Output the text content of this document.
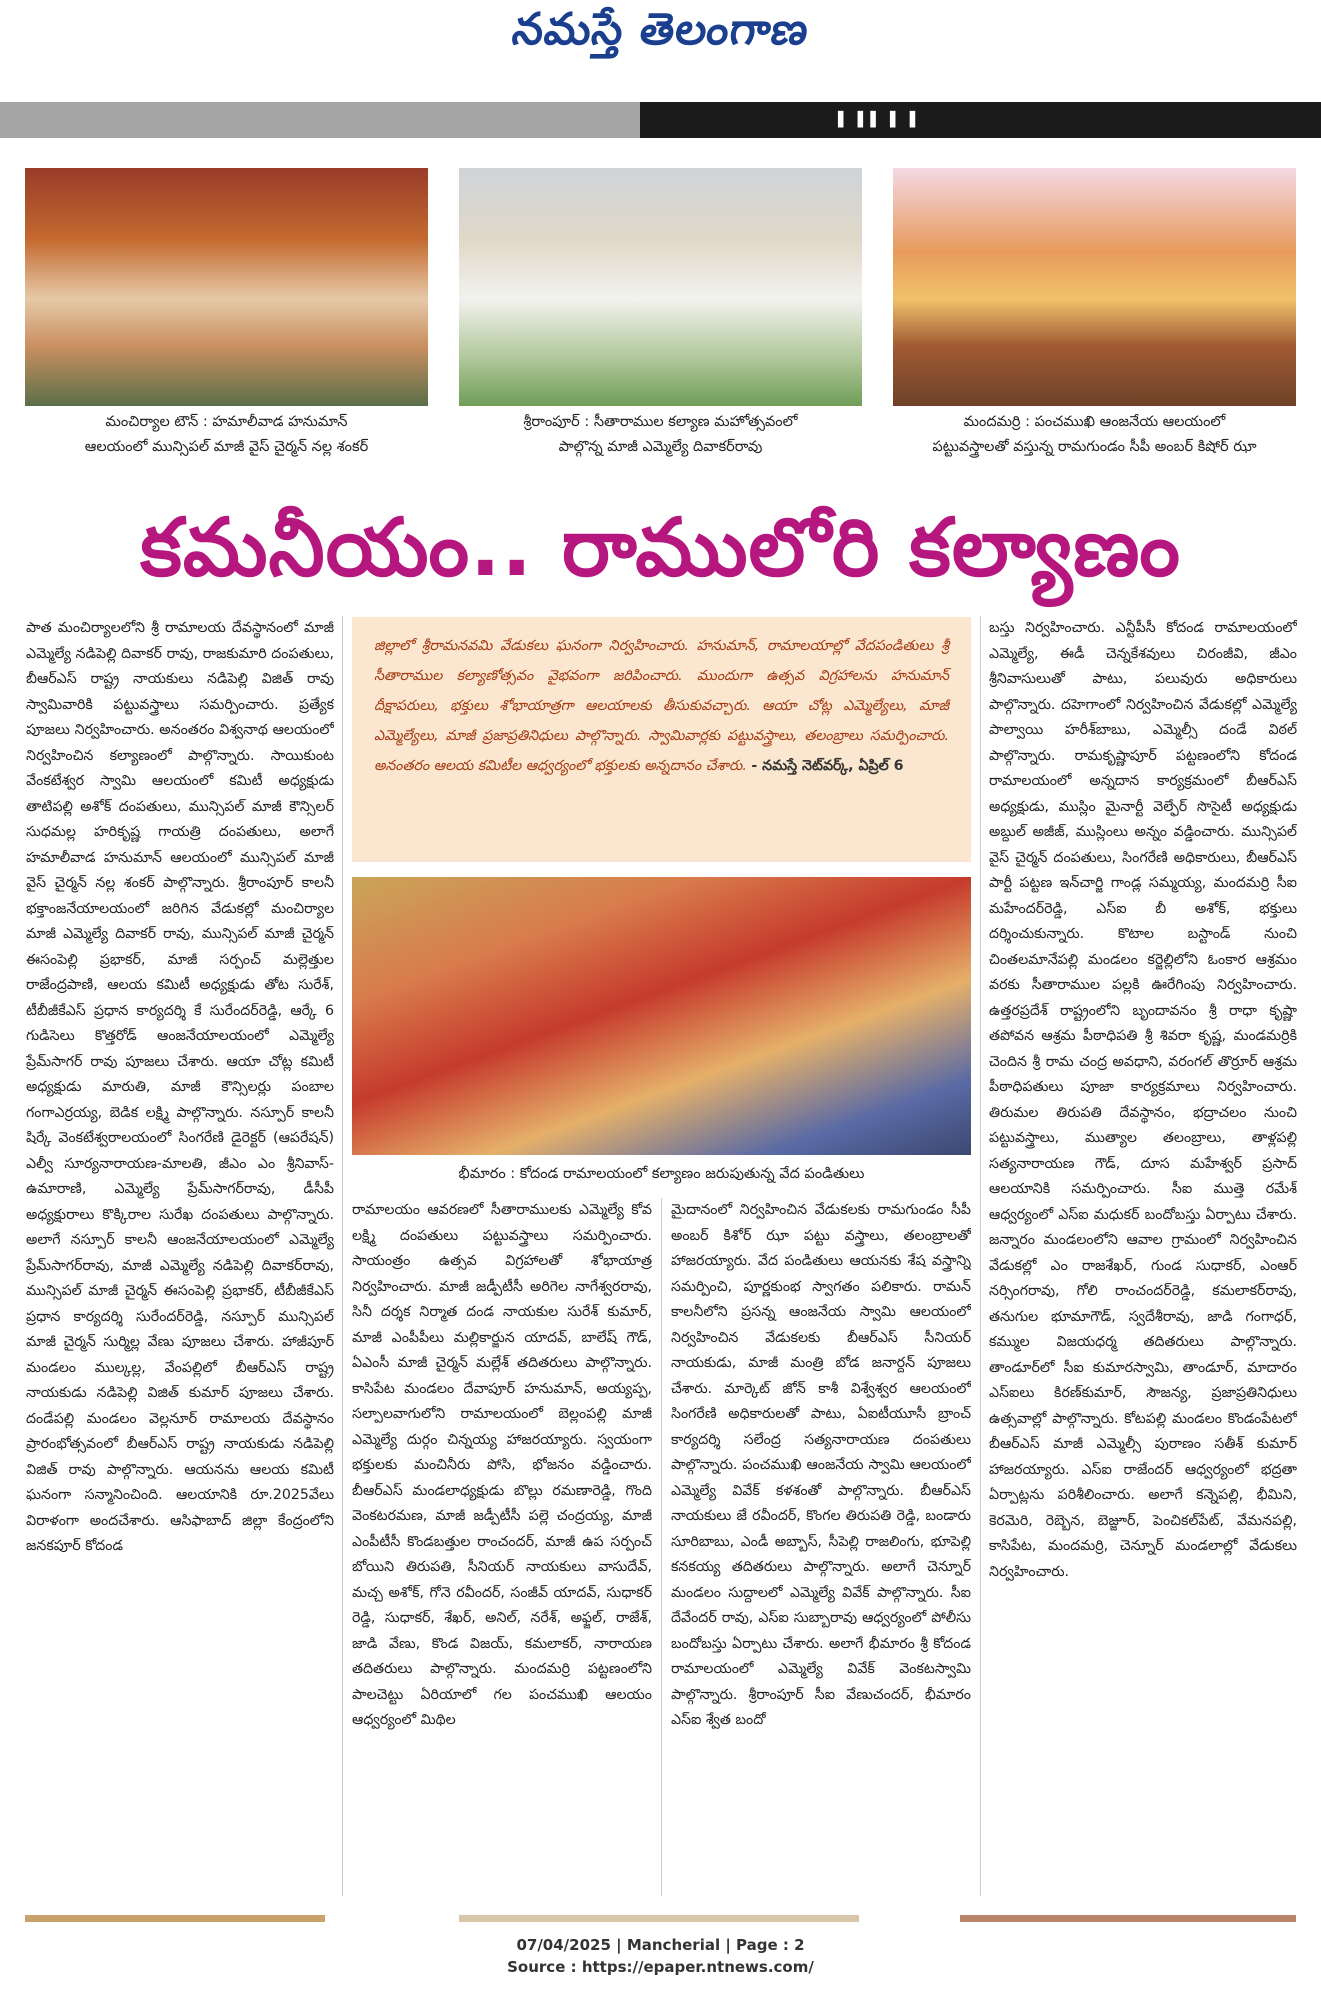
నమస్తే తెలంగాణ
▌ ▌▌ ▌ ▌
మంచిర్యాల టౌన్ : హమాలీవాడ హనుమాన్
ఆలయంలో మున్సిపల్ మాజీ వైస్ చైర్మన్ నల్ల శంకర్
శ్రీరాంపూర్ : సీతారాముల కల్యాణ మహోత్సవంలో
పాల్గొన్న మాజీ ఎమ్మెల్యే దివాకర్‌రావు
మందమర్రి : పంచముఖి ఆంజనేయ ఆలయంలో
పట్టువస్త్రాలతో వస్తున్న రామగుండం సీపీ అంబర్ కిషోర్ ఝా
కమనీయం.. రాములోరి కల్యాణం
పాత మంచిర్యాలలోని శ్రీ రామాలయ దేవస్థానంలో మాజీ ఎమ్మెల్యే నడిపెల్లి దివాకర్ రావు, రాజకుమారి దంపతులు, బీఆర్ఎస్ రాష్ట్ర నాయకులు నడిపెల్లి విజిత్ రావు స్వామివారికి పట్టువస్త్రాలు సమర్పించారు. ప్రత్యేక పూజలు నిర్వహించారు. అనంతరం విశ్వనాథ ఆలయంలో నిర్వహించిన కల్యాణంలో పాల్గొన్నారు. సాయికుంట వేంకటేశ్వర స్వామి ఆలయంలో కమిటీ అధ్యక్షుడు తాటిపల్లి అశోక్ దంపతులు, మున్సిపల్ మాజీ కౌన్సిలర్ సుధమల్ల హరికృష్ణ గాయత్రి దంపతులు, అలాగే హమాలీవాడ హనుమాన్ ఆలయంలో మున్సిపల్ మాజీ వైస్ చైర్మన్ నల్ల శంకర్ పాల్గొన్నారు. శ్రీరాంపూర్ కాలనీ భక్తాంజనేయాలయంలో జరిగిన వేడుకల్లో మంచిర్యాల మాజీ ఎమ్మెల్యే దివాకర్ రావు, మున్సిపల్ మాజీ చైర్మన్ ఈసంపెల్లి ప్రభాకర్, మాజీ సర్పంచ్ మల్లెత్తుల రాజేంద్రపాణి, ఆలయ కమిటీ అధ్యక్షుడు తోట సురేశ్, టీబీజీకేఎస్ ప్రధాన కార్యదర్శి కే సురేందర్‌రెడ్డి, ఆర్కే 6 గుడిసెలు కొత్తరోడ్ ఆంజనేయాలయంలో ఎమ్మెల్యే ప్రేమ్‌సాగర్ రావు పూజలు చేశారు. ఆయా చోట్ల కమిటీ అధ్యక్షుడు మారుతి, మాజీ కౌన్సిలర్లు పంబాల గంగాఎర్రయ్య, బెడిక లక్ష్మి పాల్గొన్నారు. నస్పూర్ కాలనీ షిర్కే వెంకటేశ్వరాలయంలో సింగరేణి డైరెక్టర్ (ఆపరేషన్) ఎల్వీ సూర్యనారాయణ-మాలతి, జీఎం ఎం శ్రీనివాస్-ఉమారాణి, ఎమ్మెల్యే ప్రేమ్‌సాగర్‌రావు, డీసీపీ అధ్యక్షురాలు కొక్కిరాల సురేఖ దంపతులు పాల్గొన్నారు. అలాగే నస్పూర్ కాలనీ ఆంజనేయాలయంలో ఎమ్మెల్యే ప్రేమ్‌సాగర్‌రావు, మాజీ ఎమ్మెల్యే నడిపెల్లి దివాకర్‌రావు, మున్సిపల్ మాజీ చైర్మన్ ఈసంపెల్లి ప్రభాకర్, టీబీజీకేఎస్ ప్రధాన కార్యదర్శి సురేందర్‌రెడ్డి, నస్పూర్ మున్సిపల్ మాజీ చైర్మన్ సుర్మిల్ల వేణు పూజలు చేశారు. హాజీపూర్ మండలం ముల్కల్ల, వేంపల్లిలో బీఆర్ఎస్ రాష్ట్ర నాయకుడు నడిపెల్లి విజిత్ కుమార్ పూజలు చేశారు. దండేపల్లి మండలం వెల్లనూర్ రామాలయ దేవస్థానం ప్రారంభోత్సవంలో బీఆర్ఎస్ రాష్ట్ర నాయకుడు నడిపెల్లి విజిత్ రావు పాల్గొన్నారు. ఆయనను ఆలయ కమిటీ ఘనంగా సన్మానించింది. ఆలయానికి రూ.2025వేలు విరాళంగా అందచేశారు. ఆసిఫాబాద్ జిల్లా కేంద్రంలోని జనకపూర్ కోదండ
జిల్లాలో శ్రీరామనవమి వేడుకలు ఘనంగా నిర్వహించారు. హనుమాన్, రామాలయాల్లో వేదపండితులు శ్రీ సీతారాముల కల్యాణోత్సవం వైభవంగా జరిపించారు. ముందుగా ఉత్సవ విగ్రహాలను హనుమాన్ దీక్షాపరులు, భక్తులు శోభాయాత్రగా ఆలయాలకు తీసుకువచ్చారు. ఆయా చోట్ల ఎమ్మెల్యేలు, మాజీ ఎమ్మెల్యేలు, మాజీ ప్రజాప్రతినిధులు పాల్గొన్నారు. స్వామివార్లకు పట్టువస్త్రాలు, తలంబ్రాలు సమర్పించారు. అనంతరం ఆలయ కమిటీల ఆధ్వర్యంలో భక్తులకు అన్నదానం చేశారు. - నమస్తే నెట్‌వర్క్, ఏప్రిల్ 6
భీమారం : కోదండ రామాలయంలో కల్యాణం జరుపుతున్న వేద పండితులు
రామాలయం ఆవరణలో సీతారాములకు ఎమ్మెల్యే కోవ లక్ష్మి దంపతులు పట్టువస్త్రాలు సమర్పించారు. సాయంత్రం ఉత్సవ విగ్రహాలతో శోభాయాత్ర నిర్వహించారు. మాజీ జడ్పీటీసీ అరిగెల నాగేశ్వరరావు, సినీ దర్శక నిర్మాత దండ నాయకుల సురేశ్ కుమార్, మాజీ ఎంపీపీలు మల్లికార్జున యాదవ్, బాలేష్ గౌడ్, ఏఎంసీ మాజీ చైర్మన్ మల్లేశ్ తదితరులు పాల్గొన్నారు. కాసిపేట మండలం దేవాపూర్ హనుమాన్, అయ్యప్ప, సల్పాలవాగులోని రామాలయంలో బెల్లంపల్లి మాజీ ఎమ్మెల్యే దుర్గం చిన్నయ్య హాజరయ్యారు. స్వయంగా భక్తులకు మంచినీరు పోసి, భోజనం వడ్డించారు. బీఆర్ఎస్ మండలాధ్యక్షుడు బొల్లు రమణారెడ్డి, గొంది వెంకటరమణ, మాజీ జడ్పీటీసీ పల్లె చంద్రయ్య, మాజీ ఎంపీటీసీ కొండబత్తుల రాంచందర్, మాజీ ఉప సర్పంచ్ బోయిని తిరుపతి, సీనియర్ నాయకులు వాసుదేవ్, మచ్చ అశోక్, గోనె రవీందర్, సంజీవ్ యాదవ్, సుధాకర్ రెడ్డి, సుధాకర్, శేఖర్, అనిల్, నరేశ్, అఫ్జల్, రాజేశ్, జాడి వేణు, కొండ విజయ్, కమలాకర్, నారాయణ తదితరులు పాల్గొన్నారు. మందమర్రి పట్టణంలోని పాలచెట్టు ఏరియాలో గల పంచముఖి ఆలయం ఆధ్వర్యంలో మిథిల
మైదానంలో నిర్వహించిన వేడుకలకు రామగుండం సీపీ అంబర్ కిశోర్ ఝా పట్టు వస్త్రాలు, తలంబ్రాలతో హాజరయ్యారు. వేద పండితులు ఆయనకు శేష వస్త్రాన్ని సమర్పించి, పూర్ణకుంభ స్వాగతం పలికారు. రామన్ కాలనీలోని ప్రసన్న ఆంజనేయ స్వామి ఆలయంలో నిర్వహించిన వేడుకలకు బీఆర్ఎస్ సీనియర్ నాయకుడు, మాజీ మంత్రి బోడ జనార్దన్ పూజలు చేశారు. మార్కెట్ జోన్ కాశీ విశ్వేశ్వర ఆలయంలో సింగరేణి అధికారులతో పాటు, ఏఐటీయూసీ బ్రాంచ్ కార్యదర్శి సలేంద్ర సత్యనారాయణ దంపతులు పాల్గొన్నారు. పంచముఖి ఆంజనేయ స్వామి ఆలయంలో ఎమ్మెల్యే వివేక్ కళశంతో పాల్గొన్నారు. బీఆర్ఎస్ నాయకులు జే రవీందర్, కొంగల తిరుపతి రెడ్డి, బండారు సూరిబాబు, ఎండీ అబ్బాస్, సీపెల్లి రాజలింగు, భూపెల్లి కనకయ్య తదితరులు పాల్గొన్నారు. అలాగే చెన్నూర్ మండలం సుద్దాలలో ఎమ్మెల్యే వివేక్ పాల్గొన్నారు. సీఐ దేవేందర్ రావు, ఎస్ఐ సుబ్బారావు ఆధ్వర్యంలో పోలీసు బందోబస్తు ఏర్పాటు చేశారు. అలాగే భీమారం శ్రీ కోదండ రామాలయంలో ఎమ్మెల్యే వివేక్ వెంకటస్వామి పాల్గొన్నారు. శ్రీరాంపూర్ సీఐ వేణుచందర్, భీమారం ఎస్ఐ శ్వేత బందో
బస్తు నిర్వహించారు. ఎన్టీపీసీ కోదండ రామాలయంలో ఎమ్మెల్యే, ఈడీ చెన్నకేశవులు చిరంజీవి, జీఎం శ్రీనివాసులుతో పాటు, పలువురు అధికారులు పాల్గొన్నారు. దహెగాంలో నిర్వహించిన వేడుకల్లో ఎమ్మెల్యే పాల్వాయి హరీశ్‌బాబు, ఎమ్మెల్సీ దండే విఠల్ పాల్గొన్నారు. రామకృష్ణాపూర్ పట్టణంలోని కోదండ రామాలయంలో అన్నదాన కార్యక్రమంలో బీఆర్ఎస్ అధ్యక్షుడు, ముస్లిం మైనార్టీ వెల్ఫేర్ సొసైటీ అధ్యక్షుడు అబ్దుల్ అజీజ్, ముస్లింలు అన్నం వడ్డించారు. మున్సిపల్ వైస్ చైర్మన్ దంపతులు, సింగరేణి అధికారులు, బీఆర్ఎస్ పార్టీ పట్టణ ఇన్‌చార్జి గాండ్ల సమ్మయ్య, మందమర్రి సీఐ మహేందర్‌రెడ్డి, ఎస్ఐ బీ అశోక్, భక్తులు దర్శించుకున్నారు. కొటాల బస్టాండ్ నుంచి చింతలమానేపల్లి మండలం కర్జెల్లిలోని ఓంకార ఆశ్రమం వరకు సీతారాముల పల్లకి ఊరేగింపు నిర్వహించారు. ఉత్తరప్రదేశ్ రాష్ట్రంలోని బృందావనం శ్రీ రాధా కృష్ణా తపోవన ఆశ్రమ పీఠాధిపతి శ్రీ శివరా కృష్ణ, మండమర్రికి చెందిన శ్రీ రామ చంద్ర అవధాని, వరంగల్ తొర్రూర్ ఆశ్రమ పీఠాధిపతులు పూజా కార్యక్రమాలు నిర్వహించారు. తిరుమల తిరుపతి దేవస్థానం, భద్రాచలం నుంచి పట్టువస్త్రాలు, ముత్యాల తలంబ్రాలు, తాళ్లపల్లి సత్యనారాయణ గౌడ్, దూస మహేశ్వర్ ప్రసాద్ ఆలయానికి సమర్పించారు. సీఐ ముత్తె రమేశ్ ఆధ్వర్యంలో ఎస్ఐ మధుకర్ బందోబస్తు ఏర్పాటు చేశారు. జన్నారం మండలంలోని ఆవాల గ్రామంలో నిర్వహించిన వేడుకల్లో ఎం రాజశేఖర్, గుండ సుధాకర్, ఎంఆర్ నర్సింగరావు, గోలి రాంచందర్‌రెడ్డి, కమలాకర్‌రావు, తనుగుల భూమాగౌడ్, స్వదేశీరావు, జాడి గంగాధర్, కమ్ముల విజయధర్మ తదితరులు పాల్గొన్నారు. తాండూర్‌లో సీఐ కుమారస్వామి, తాండూర్, మాదారం ఎస్ఐలు కిరణ్‌కుమార్, సౌజన్య, ప్రజాప్రతినిధులు ఉత్సవాల్లో పాల్గొన్నారు. కోటపల్లి మండలం కొండంపేటలో బీఆర్ఎస్ మాజీ ఎమ్మెల్సీ పురాణం సతీశ్ కుమార్ హాజరయ్యారు. ఎస్ఐ రాజేందర్ ఆధ్వర్యంలో భద్రతా ఏర్పాట్లను పరిశీలించారు. అలాగే కన్నెపల్లి, భీమిని, కెరమెరి, రెబ్బెన, బెజ్జూర్, పెంచికల్‌పేట్, వేమనపల్లి, కాసిపేట, మందమర్రి, చెన్నూర్ మండలాల్లో వేడుకలు నిర్వహించారు.
07/04/2025 | Mancherial | Page : 2
Source : https://epaper.ntnews.com/
